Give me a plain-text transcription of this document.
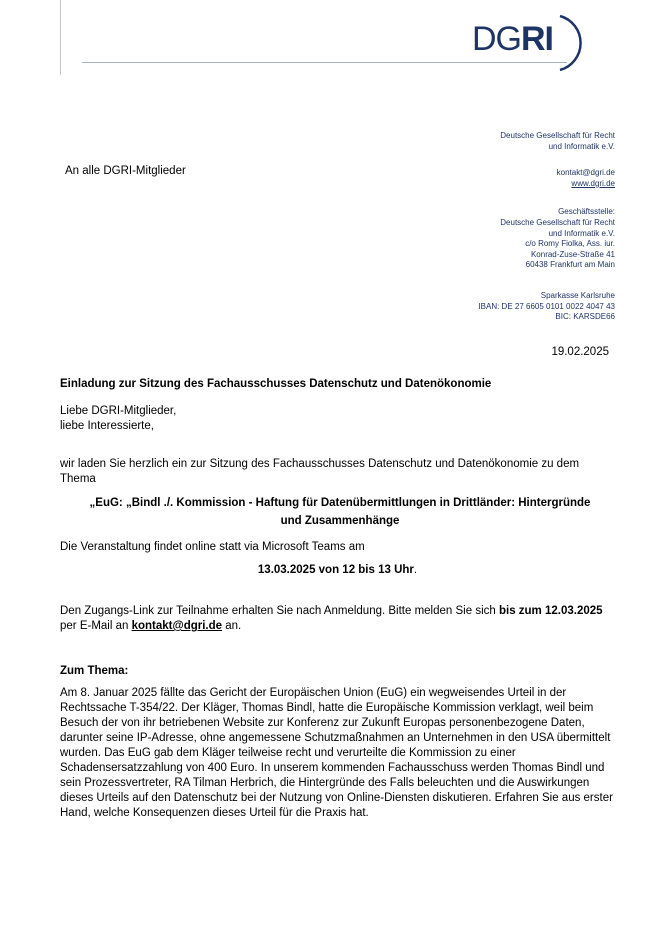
DGRI
Deutsche Gesellschaft für Recht
und Informatik e.V.
kontakt@dgri.de
www.dgri.de
Geschäftsstelle:
Deutsche Gesellschaft für Recht
und Informatik e.V.
c/o Romy Fiolka, Ass. iur.
Konrad-Zuse-Straße 41
60438 Frankfurt am Main
Sparkasse Karlsruhe
IBAN: DE 27 6605 0101 0022 4047 43
BIC: KARSDE66
An alle DGRI-Mitglieder
19.02.2025
Einladung zur Sitzung des Fachausschusses Datenschutz und Datenökonomie
Liebe DGRI-Mitglieder,
liebe Interessierte,
wir laden Sie herzlich ein zur Sitzung des Fachausschusses Datenschutz und Datenökonomie zu dem Thema
„EuG: „Bindl ./. Kommission - Haftung für Datenübermittlungen in Drittländer: Hintergründe
und Zusammenhänge
Die Veranstaltung findet online statt via Microsoft Teams am
13.03.2025 von 12 bis 13 Uhr.
Den Zugangs-Link zur Teilnahme erhalten Sie nach Anmeldung. Bitte melden Sie sich bis zum 12.03.2025 per E-Mail an kontakt@dgri.de an.
Zum Thema:
Am 8. Januar 2025 fällte das Gericht der Europäischen Union (EuG) ein wegweisendes Urteil in der Rechtssache T-354/22. Der Kläger, Thomas Bindl, hatte die Europäische Kommission verklagt, weil beim Besuch der von ihr betriebenen Website zur Konferenz zur Zukunft Europas personenbezogene Daten, darunter seine IP-Adresse, ohne angemessene Schutzmaßnahmen an Unternehmen in den USA übermittelt wurden. Das EuG gab dem Kläger teilweise recht und verurteilte die Kommission zu einer Schadensersatzzahlung von 400 Euro. In unserem kommenden Fachausschuss werden Thomas Bindl und sein Prozessvertreter, RA Tilman Herbrich, die Hintergründe des Falls beleuchten und die Auswirkungen dieses Urteils auf den Datenschutz bei der Nutzung von Online-Diensten diskutieren. Erfahren Sie aus erster Hand, welche Konsequenzen dieses Urteil für die Praxis hat.
